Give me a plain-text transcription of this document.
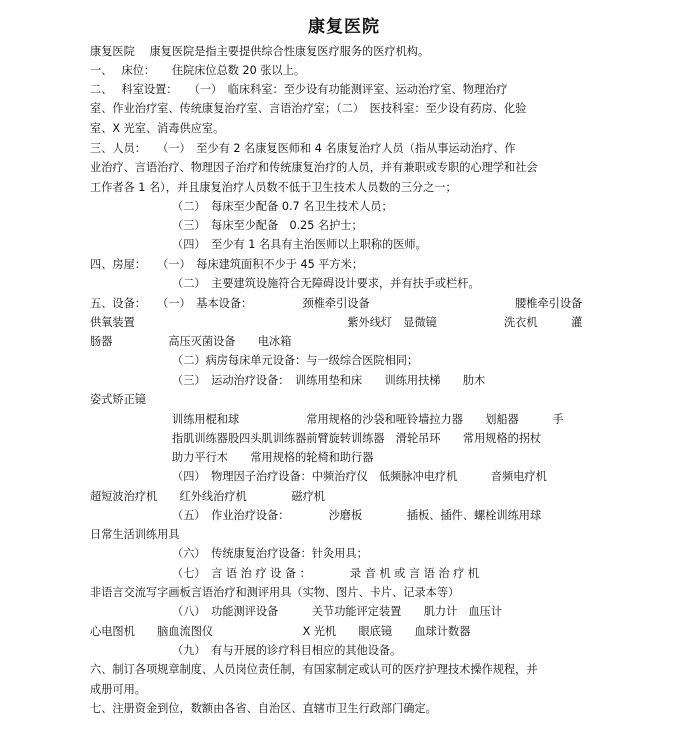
康复医院
康复医院　 康复医院是指主要提供综合性康复医疗服务的医疗机构。
一、　 床位：　　住院床位总数 20 张以上。
二、　 科室设置：　　（一）　临床科室：至少设有功能测评室、运动治疗室、物理治疗
室、作业治疗室、传统康复治疗室、言语治疗室；（二）　医技科室：至少设有药房、化验
室、X 光室、消毒供应室。
三、人员：　　（一）　至少有 2 名康复医师和 4 名康复治疗人员（指从事运动治疗、作
业治疗、言语治疗、物理因子治疗和传统康复治疗的人员，并有兼职或专职的心理学和社会
工作者各 1 名），并且康复治疗人员数不低于卫生技术人员数的三分之一；
（二）　每床至少配备 0.7 名卫生技术人员；
（三）　每床至少配备　0.25 名护士；
（四）　至少有 1 名具有主治医师以上职称的医师。
四、房屋：　　（一）　每床建筑面积不少于 45 平方米；
（二）　主要建筑设施符合无障碍设计要求，并有扶手或栏杆。
五、设备：　　（一）　基本设备：　　　　　颈椎牵引设备　　　　　　　　　　　　　腰椎牵引设备
供氧装置　　　　　　　　　　　　　　　　　　　紫外线灯　显微镜　　　　　　洗衣机　　　灌
肠器　　　　　高压灭菌设备　　电冰箱
（二）病房每床单元设备：与一级综合医院相同；
（三）　运动治疗设备：　训练用垫和床　　训练用扶梯　　肋木
姿式矫正镜
训练用棍和球　　　　　　常用规格的沙袋和哑铃墙拉力器　　划船器　　　手
指肌训练器股四头肌训练器前臂旋转训练器　滑轮吊环　　常用规格的拐杖
助力平行木　　常用规格的轮椅和助行器
（四）　物理因子治疗设备：中频治疗仪　低频脉冲电疗机　　　音频电疗机
超短波治疗机　　红外线治疗机　　　　磁疗机
（五）　作业治疗设备：　　　　沙磨板　　　　插板、插件、螺栓训练用球
日常生活训练用具
（六）　传统康复治疗设备：针灸用具；
（七）　言 语 治 疗 设 备 ：　　　　录 音 机 或 言 语 治 疗 机
非语言交流写字画板言语治疗和测评用具（实物、图片、卡片、记录本等）
（八）　功能测评设备　　　关节功能评定装置　　肌力计　血压计
心电图机　　脑血流图仪　　　　　　　　X 光机　　眼底镜　　血球计数器
（九）　有与开展的诊疗科目相应的其他设备。
六、制订各项规章制度、人员岗位责任制，有国家制定或认可的医疗护理技术操作规程，并
成册可用。
七、注册资金到位，数额由各省、自治区、直辖市卫生行政部门确定。
